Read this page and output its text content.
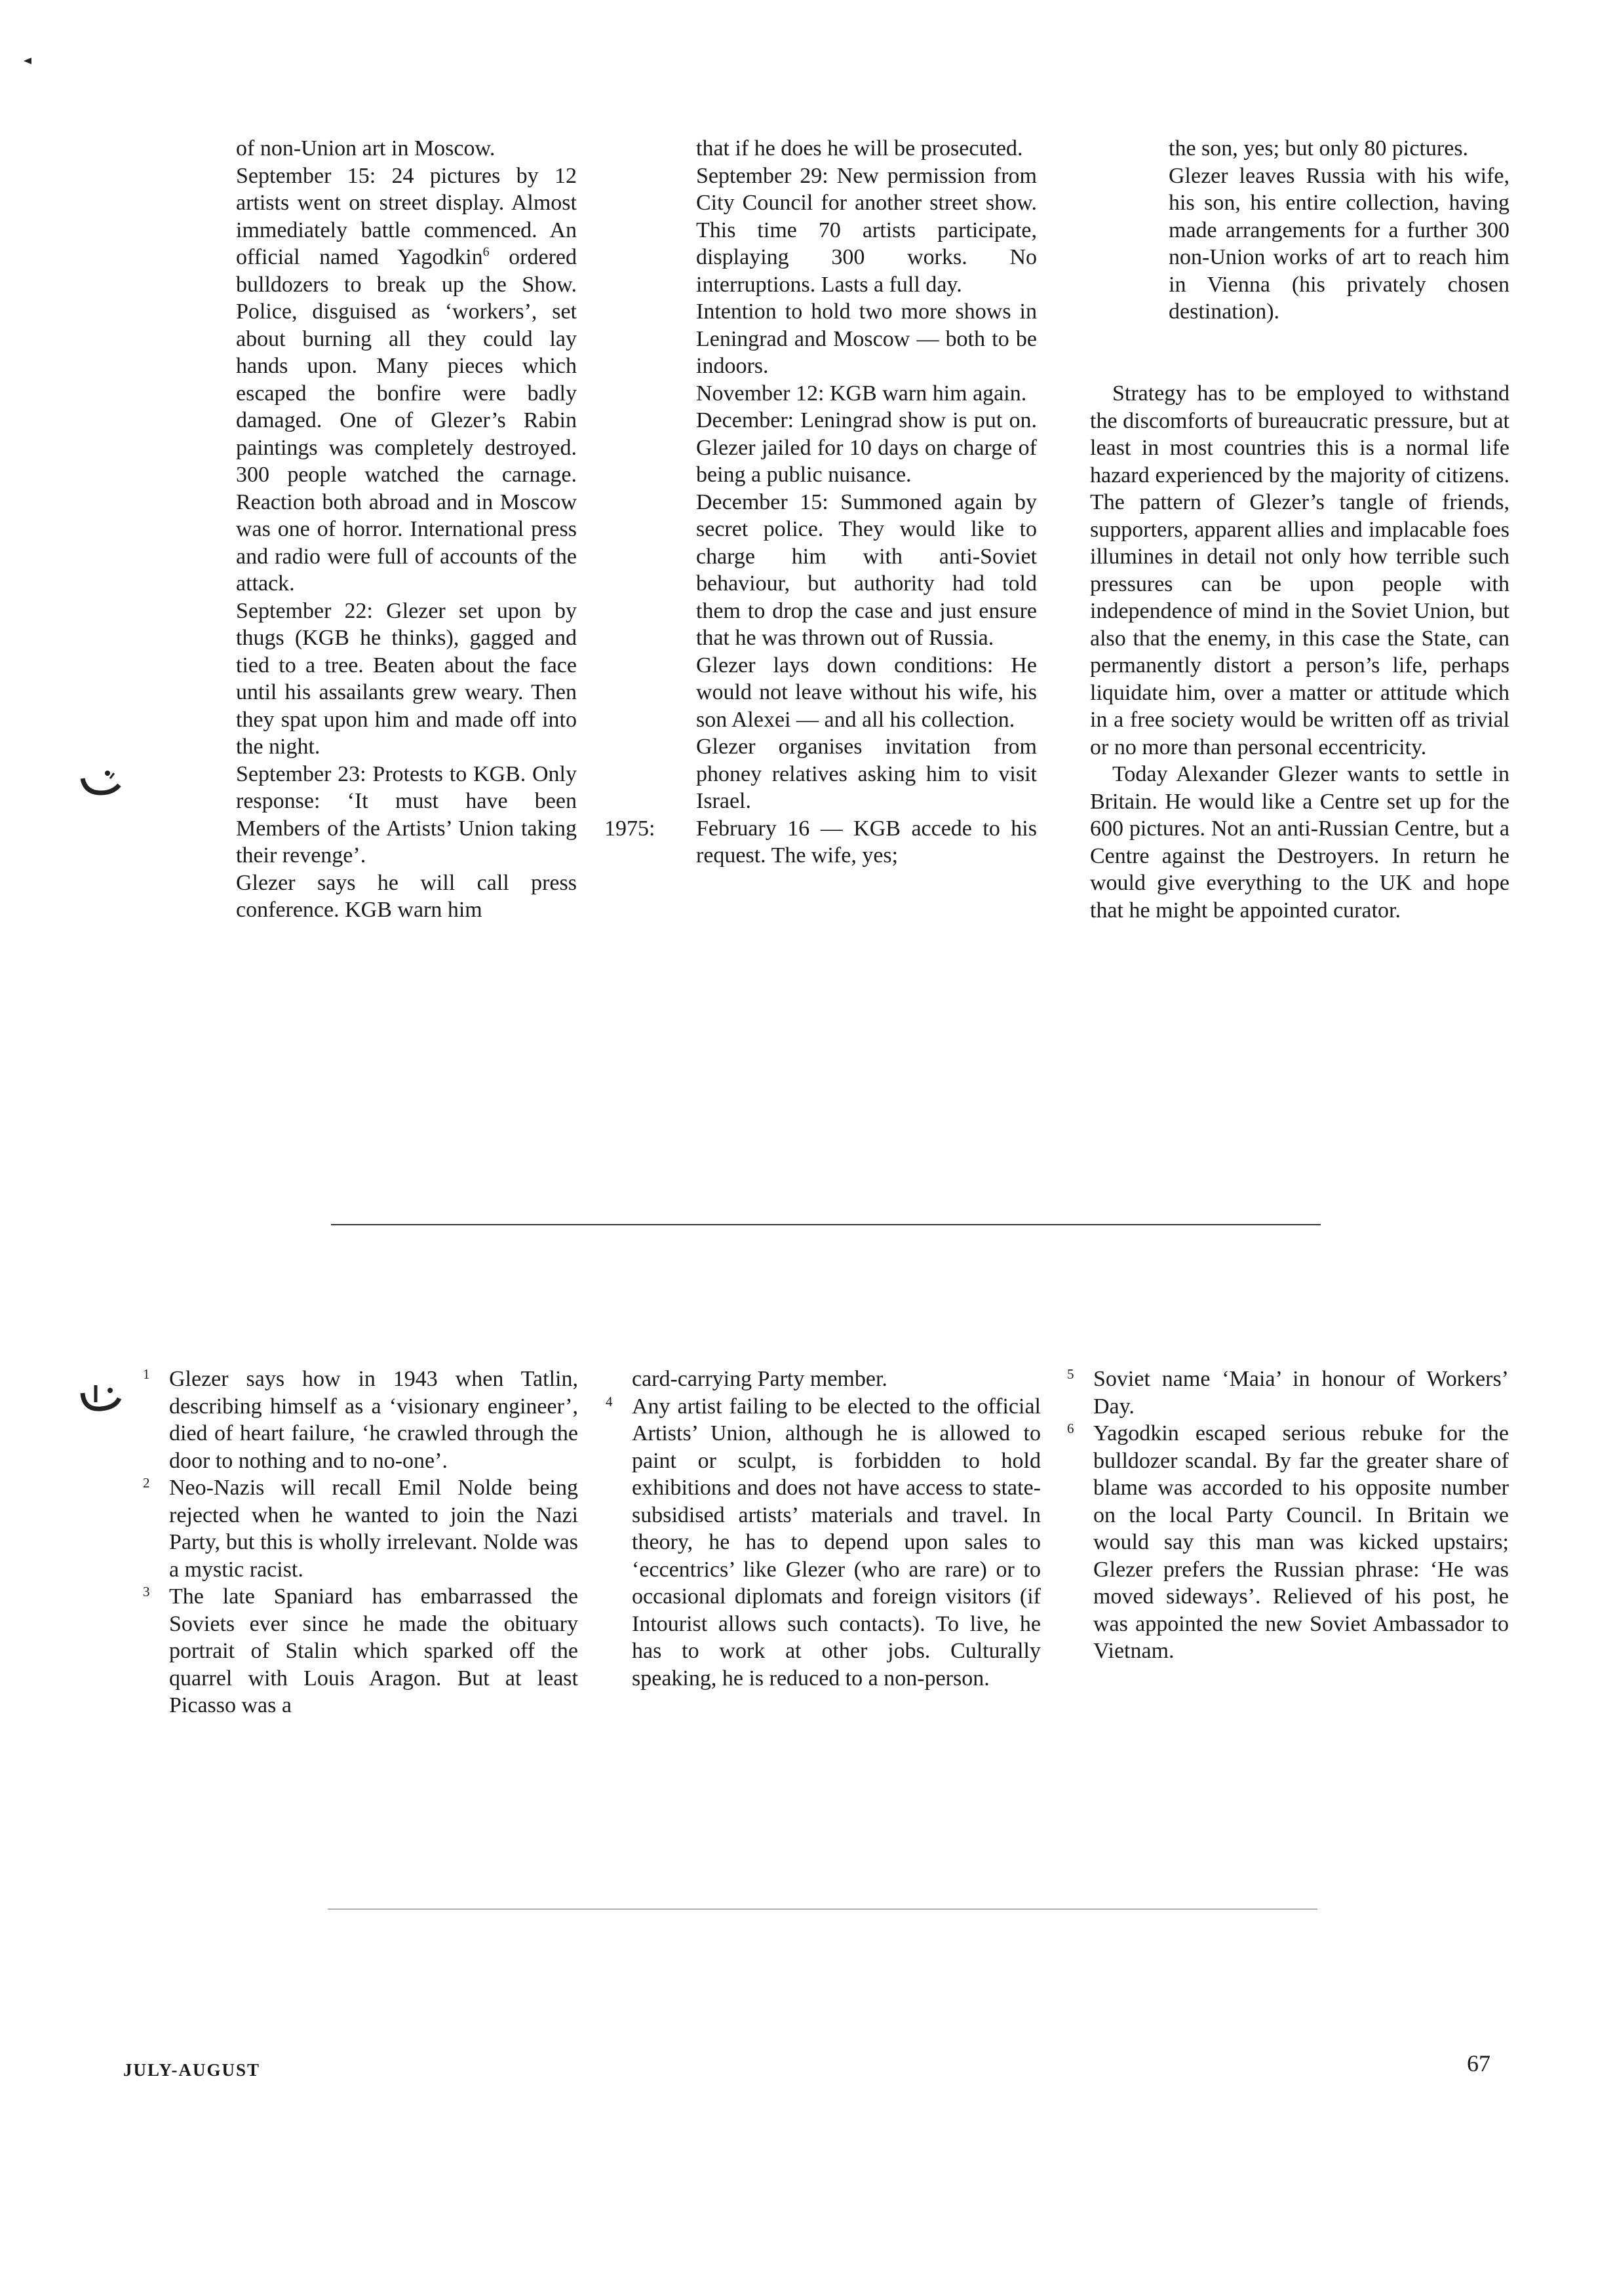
of non-Union art in Moscow.

September 15: 24 pictures by 12 artists went on street display. Almost immediately battle commenced. An official named Yagodkin$^6$ ordered bulldozers to break up the Show. Police, disguised as ‘workers’, set about burning all they could lay hands upon. Many pieces which escaped the bonfire were badly damaged. One of Glezer’s Rabin paintings was completely destroyed. 300 people watched the carnage. Reaction both abroad and in Moscow was one of horror. International press and radio were full of accounts of the attack.

September 22: Glezer set upon by thugs (KGB he thinks), gagged and tied to a tree. Beaten about the face until his assailants grew weary. Then they spat upon him and made off into the night.

September 23: Protests to KGB. Only response: ‘It must have been Members of the Artists’ Union taking their revenge’.

Glezer says he will call press conference. KGB warn him

that if he does he will be prosecuted.

September 29: New permission from City Council for another street show. This time 70 artists participate, displaying 300 works. No interruptions. Lasts a full day.

Intention to hold two more shows in Leningrad and Moscow — both to be indoors.

November 12: KGB warn him again.

December: Leningrad show is put on. Glezer jailed for 10 days on charge of being a public nuisance.

December 15: Summoned again by secret police. They would like to charge him with anti-Soviet behaviour, but authority had told them to drop the case and just ensure that he was thrown out of Russia.

Glezer lays down conditions: He would not leave without his wife, his son Alexei — and all his collection.

Glezer organises invitation from phoney relatives asking him to visit Israel.

1975: February 16 — KGB accede to his request. The wife, yes;

the son, yes; but only 80 pictures.

Glezer leaves Russia with his wife, his son, his entire collection, having made arrangements for a further 300 non-Union works of art to reach him in Vienna (his privately chosen destination).

Strategy has to be employed to withstand the discomforts of bureaucratic pressure, but at least in most countries this is a normal life hazard experienced by the majority of citizens. The pattern of Glezer’s tangle of friends, supporters, apparent allies and implacable foes illumines in detail not only how terrible such pressures can be upon people with independence of mind in the Soviet Union, but also that the enemy, in this case the State, can permanently distort a person’s life, perhaps liquidate him, over a matter or attitude which in a free society would be written off as trivial or no more than personal eccentricity.

Today Alexander Glezer wants to settle in Britain. He would like a Centre set up for the 600 pictures. Not an anti-Russian Centre, but a Centre against the Destroyers. In return he would give everything to the UK and hope that he might be appointed curator.

1 Glezer says how in 1943 when Tatlin, describing himself as a ‘visionary engineer’, died of heart failure, ‘he crawled through the door to nothing and to no-one’.

2 Neo-Nazis will recall Emil Nolde being rejected when he wanted to join the Nazi Party, but this is wholly irrelevant. Nolde was a mystic racist.

3 The late Spaniard has embarrassed the Soviets ever since he made the obituary portrait of Stalin which sparked off the quarrel with Louis Aragon. But at least Picasso was a

card-carrying Party member.

4 Any artist failing to be elected to the official Artists’ Union, although he is allowed to paint or sculpt, is forbidden to hold exhibitions and does not have access to state-subsidised artists’ materials and travel. In theory, he has to depend upon sales to ‘eccentrics’ like Glezer (who are rare) or to occasional diplomats and foreign visitors (if Intourist allows such contacts). To live, he has to work at other jobs. Culturally speaking, he is reduced to a non-person.

5 Soviet name ‘Maia’ in honour of Workers’ Day.

6 Yagodkin escaped serious rebuke for the bulldozer scandal. By far the greater share of blame was accorded to his opposite number on the local Party Council. In Britain we would say this man was kicked upstairs; Glezer prefers the Russian phrase: ‘He was moved sideways’. Relieved of his post, he was appointed the new Soviet Ambassador to Vietnam.

JULY-AUGUST	67
